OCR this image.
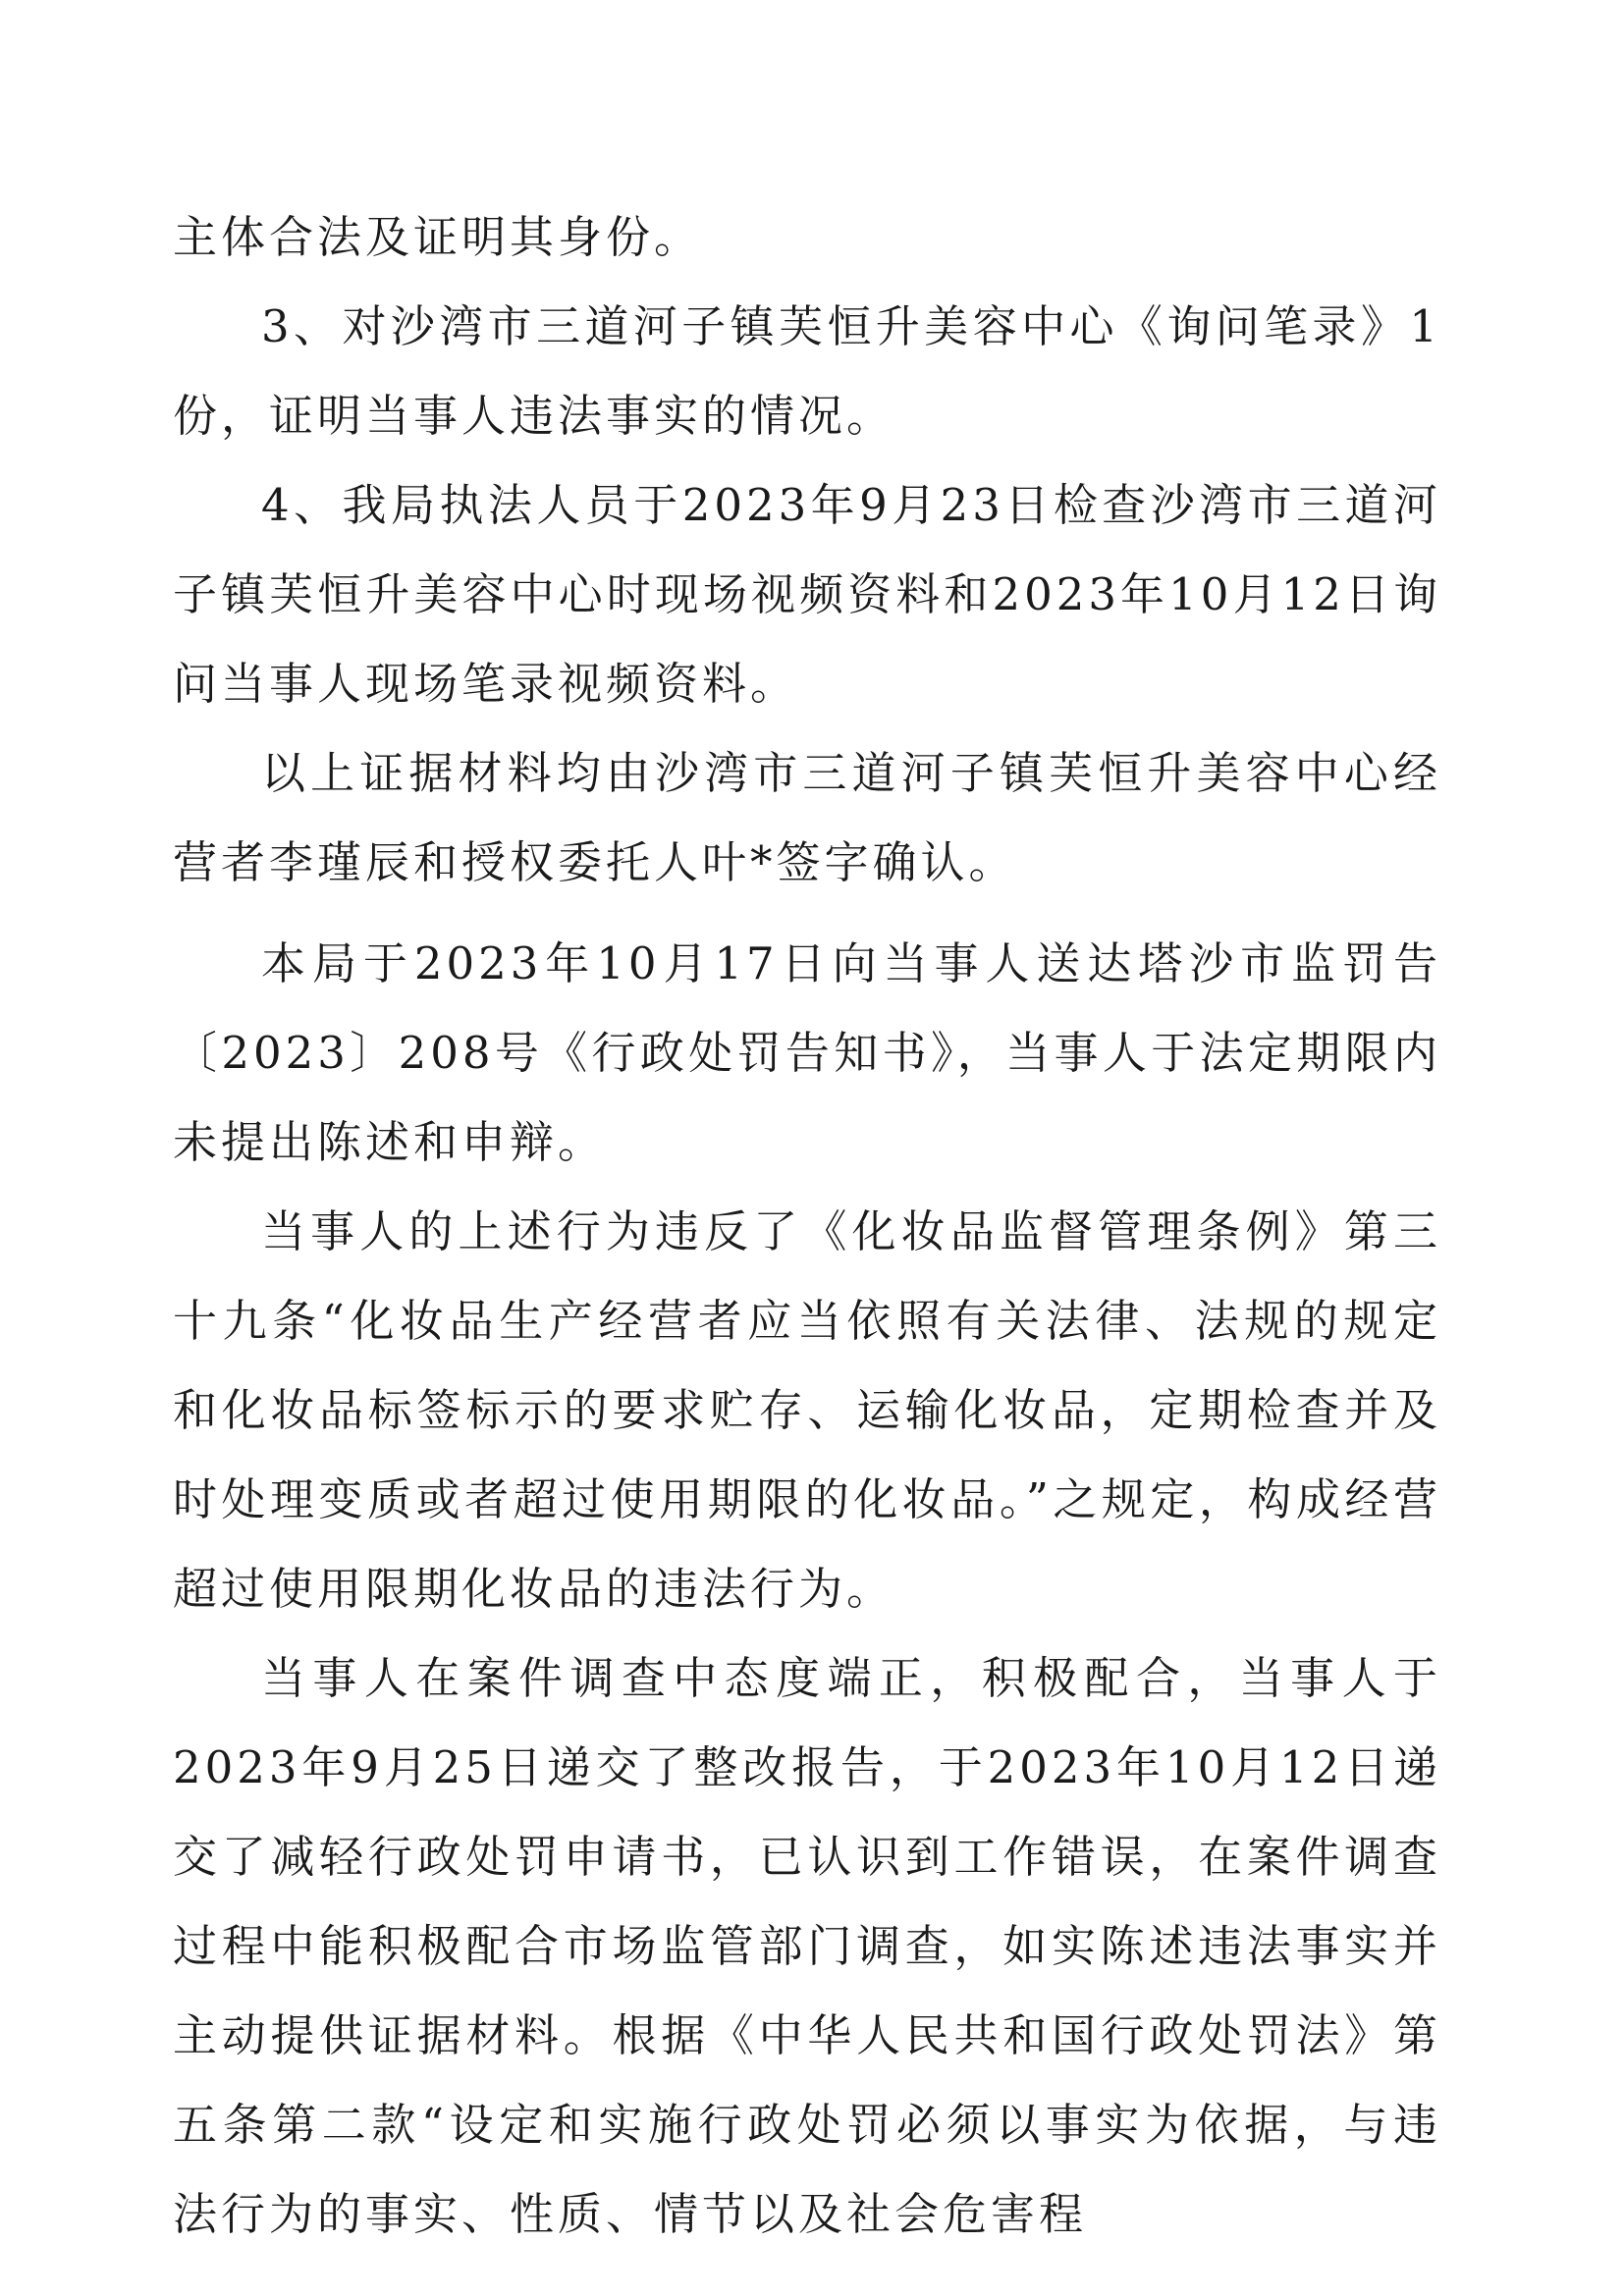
主体合法及证明其身份。

3、对沙湾市三道河子镇芙恒升美容中心《询问笔录》1份，证明当事人违法事实的情况。

4、我局执法人员于2023年9月23日检查沙湾市三道河子镇芙恒升美容中心时现场视频资料和2023年10月12日询问当事人现场笔录视频资料。

以上证据材料均由沙湾市三道河子镇芙恒升美容中心经营者李瑾辰和授权委托人叶*签字确认。

本局于2023年10月17日向当事人送达塔沙市监罚告〔2023〕208号《行政处罚告知书》，当事人于法定期限内未提出陈述和申辩。

当事人的上述行为违反了《化妆品监督管理条例》第三十九条“化妆品生产经营者应当依照有关法律、法规的规定和化妆品标签标示的要求贮存、运输化妆品，定期检查并及时处理变质或者超过使用期限的化妆品。”之规定，构成经营超过使用限期化妆品的违法行为。

当事人在案件调查中态度端正，积极配合，当事人于2023年9月25日递交了整改报告，于2023年10月12日递交了减轻行政处罚申请书，已认识到工作错误，在案件调查过程中能积极配合市场监管部门调查，如实陈述违法事实并主动提供证据材料。根据《中华人民共和国行政处罚法》第五条第二款“设定和实施行政处罚必须以事实为依据，与违法行为的事实、性质、情节以及社会危害程
